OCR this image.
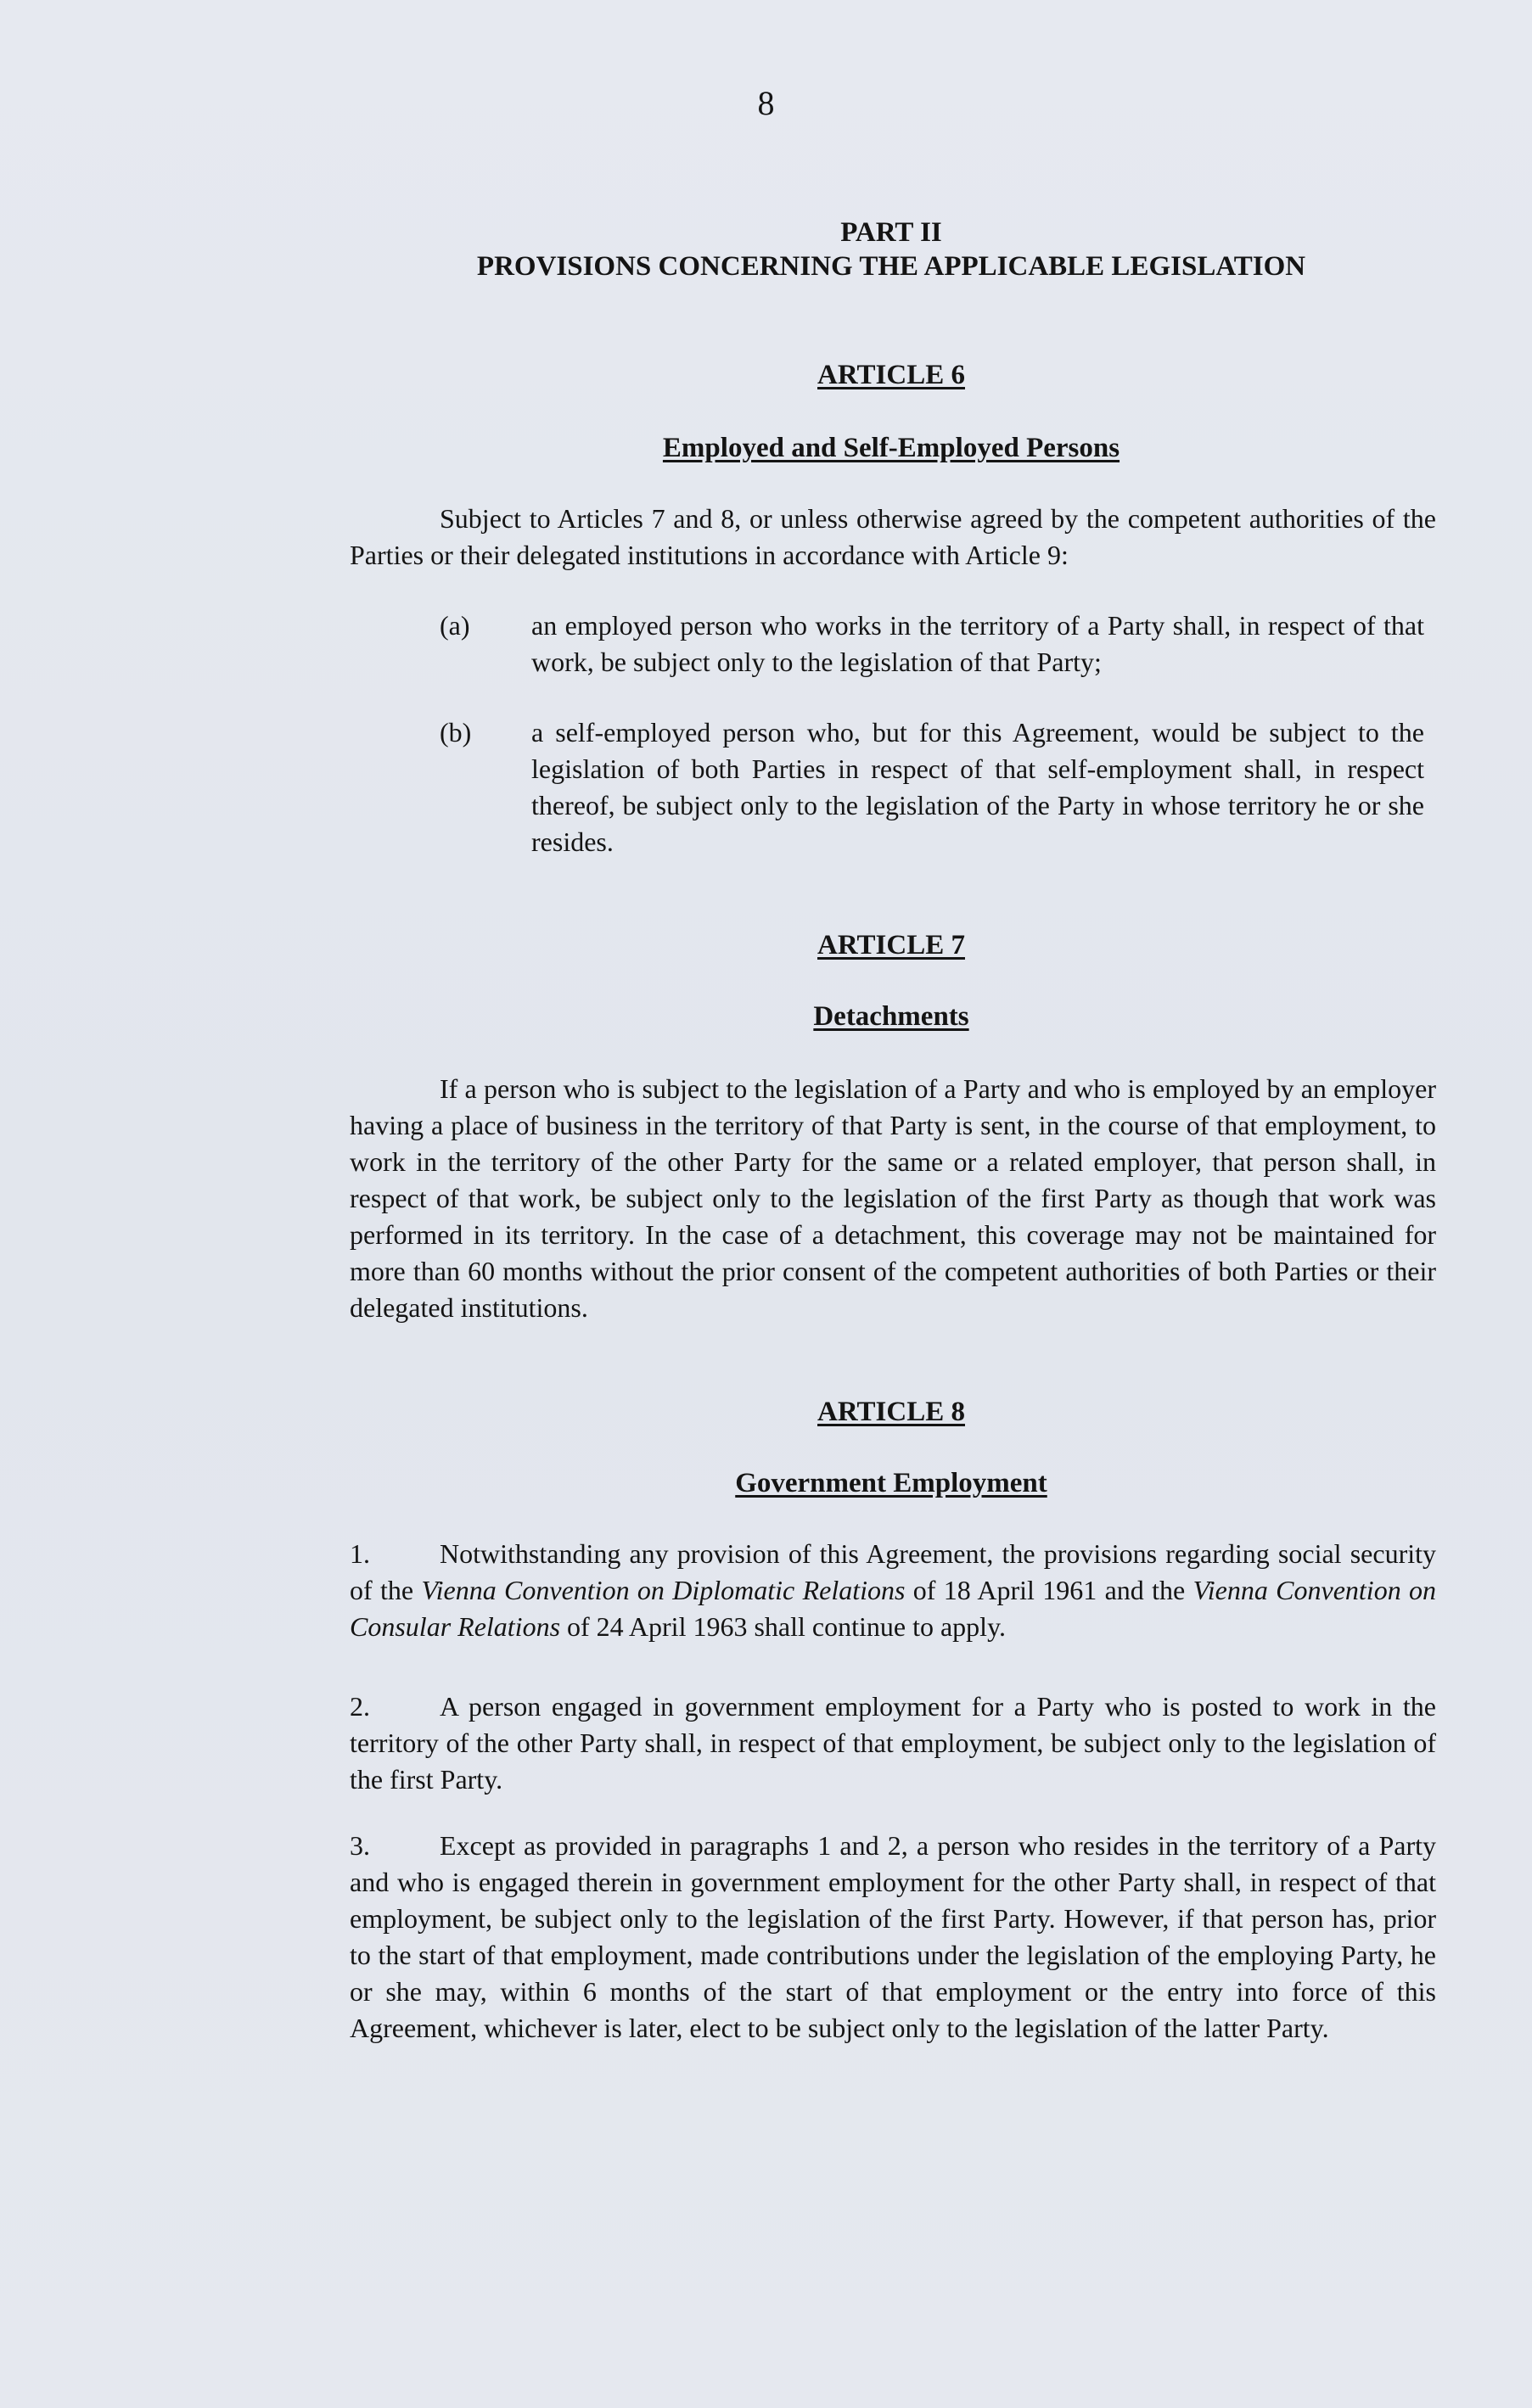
8
PART II
PROVISIONS CONCERNING THE APPLICABLE LEGISLATION
ARTICLE 6
Employed and Self-Employed Persons
Subject to Articles 7 and 8, or unless otherwise agreed by the competent authorities of the Parties or their delegated institutions in accordance with Article 9:
(a) an employed person who works in the territory of a Party shall, in respect of that work, be subject only to the legislation of that Party;
(b) a self-employed person who, but for this Agreement, would be subject to the legislation of both Parties in respect of that self-employment shall, in respect thereof, be subject only to the legislation of the Party in whose territory he or she resides.
ARTICLE 7
Detachments
If a person who is subject to the legislation of a Party and who is employed by an employer having a place of business in the territory of that Party is sent, in the course of that employment, to work in the territory of the other Party for the same or a related employer, that person shall, in respect of that work, be subject only to the legislation of the first Party as though that work was performed in its territory. In the case of a detachment, this coverage may not be maintained for more than 60 months without the prior consent of the competent authorities of both Parties or their delegated institutions.
ARTICLE 8
Government Employment
1.	Notwithstanding any provision of this Agreement, the provisions regarding social security of the Vienna Convention on Diplomatic Relations of 18 April 1961 and the Vienna Convention on Consular Relations of 24 April 1963 shall continue to apply.
2.	A person engaged in government employment for a Party who is posted to work in the territory of the other Party shall, in respect of that employment, be subject only to the legislation of the first Party.
3.	Except as provided in paragraphs 1 and 2, a person who resides in the territory of a Party and who is engaged therein in government employment for the other Party shall, in respect of that employment, be subject only to the legislation of the first Party. However, if that person has, prior to the start of that employment, made contributions under the legislation of the employing Party, he or she may, within 6 months of the start of that employment or the entry into force of this Agreement, whichever is later, elect to be subject only to the legislation of the latter Party.
